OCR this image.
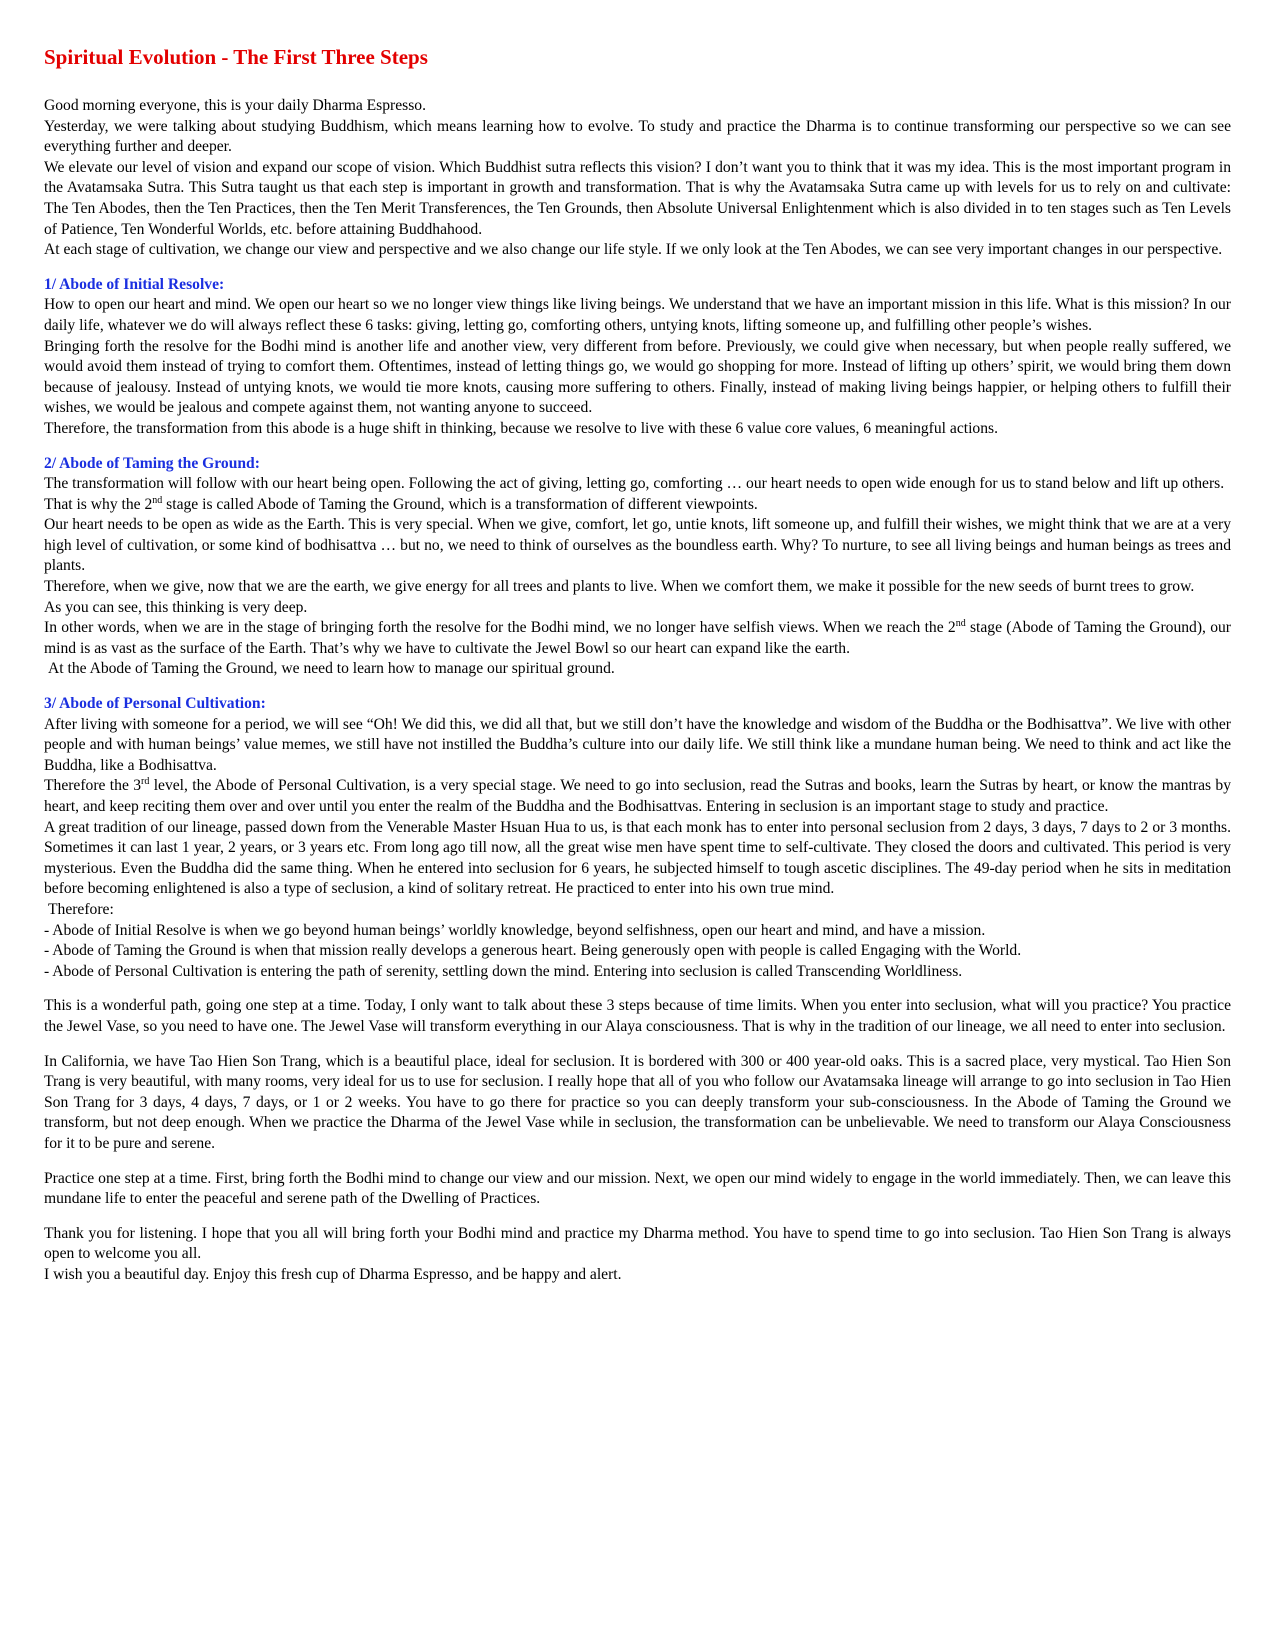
Spiritual Evolution - The First Three Steps

Good morning everyone, this is your daily Dharma Espresso.

Yesterday, we were talking about studying Buddhism, which means learning how to evolve. To study and practice the Dharma is to continue transforming our perspective so we can see everything further and deeper.

We elevate our level of vision and expand our scope of vision. Which Buddhist sutra reflects this vision? I don’t want you to think that it was my idea. This is the most important program in the Avatamsaka Sutra. This Sutra taught us that each step is important in growth and transformation. That is why the Avatamsaka Sutra came up with levels for us to rely on and cultivate: The Ten Abodes, then the Ten Practices, then the Ten Merit Transferences, the Ten Grounds, then Absolute Universal Enlightenment which is also divided in to ten stages such as Ten Levels of Patience, Ten Wonderful Worlds, etc. before attaining Buddhahood.

At each stage of cultivation, we change our view and perspective and we also change our life style. If we only look at the Ten Abodes, we can see very important changes in our perspective.

1/ Abode of Initial Resolve:

How to open our heart and mind. We open our heart so we no longer view things like living beings. We understand that we have an important mission in this life. What is this mission? In our daily life, whatever we do will always reflect these 6 tasks: giving, letting go, comforting others, untying knots, lifting someone up, and fulfilling other people’s wishes.

Bringing forth the resolve for the Bodhi mind is another life and another view, very different from before. Previously, we could give when necessary, but when people really suffered, we would avoid them instead of trying to comfort them. Oftentimes, instead of letting things go, we would go shopping for more. Instead of lifting up others’ spirit, we would bring them down because of jealousy. Instead of untying knots, we would tie more knots, causing more suffering to others. Finally, instead of making living beings happier, or helping others to fulfill their wishes, we would be jealous and compete against them, not wanting anyone to succeed.

Therefore, the transformation from this abode is a huge shift in thinking, because we resolve to live with these 6 value core values, 6 meaningful actions.

2/ Abode of Taming the Ground:

The transformation will follow with our heart being open. Following the act of giving, letting go, comforting … our heart needs to open wide enough for us to stand below and lift up others.

That is why the 2nd stage is called Abode of Taming the Ground, which is a transformation of different viewpoints.

Our heart needs to be open as wide as the Earth. This is very special. When we give, comfort, let go, untie knots, lift someone up, and fulfill their wishes, we might think that we are at a very high level of cultivation, or some kind of bodhisattva … but no, we need to think of ourselves as the boundless earth. Why? To nurture, to see all living beings and human beings as trees and plants.

Therefore, when we give, now that we are the earth, we give energy for all trees and plants to live. When we comfort them, we make it possible for the new seeds of burnt trees to grow.

As you can see, this thinking is very deep.

In other words, when we are in the stage of bringing forth the resolve for the Bodhi mind, we no longer have selfish views. When we reach the 2nd stage (Abode of Taming the Ground), our mind is as vast as the surface of the Earth. That’s why we have to cultivate the Jewel Bowl so our heart can expand like the earth.

At the Abode of Taming the Ground, we need to learn how to manage our spiritual ground.

3/ Abode of Personal Cultivation:

After living with someone for a period, we will see “Oh! We did this, we did all that, but we still don’t have the knowledge and wisdom of the Buddha or the Bodhisattva”. We live with other people and with human beings’ value memes, we still have not instilled the Buddha’s culture into our daily life. We still think like a mundane human being. We need to think and act like the Buddha, like a Bodhisattva.

Therefore the 3rd level, the Abode of Personal Cultivation, is a very special stage. We need to go into seclusion, read the Sutras and books, learn the Sutras by heart, or know the mantras by heart, and keep reciting them over and over until you enter the realm of the Buddha and the Bodhisattvas. Entering in seclusion is an important stage to study and practice.

A great tradition of our lineage, passed down from the Venerable Master Hsuan Hua to us, is that each monk has to enter into personal seclusion from 2 days, 3 days, 7 days to 2 or 3 months. Sometimes it can last 1 year, 2 years, or 3 years etc. From long ago till now, all the great wise men have spent time to self-cultivate. They closed the doors and cultivated. This period is very mysterious. Even the Buddha did the same thing. When he entered into seclusion for 6 years, he subjected himself to tough ascetic disciplines. The 49-day period when he sits in meditation before becoming enlightened is also a type of seclusion, a kind of solitary retreat. He practiced to enter into his own true mind.

Therefore:

- Abode of Initial Resolve is when we go beyond human beings’ worldly knowledge, beyond selfishness, open our heart and mind, and have a mission.

- Abode of Taming the Ground is when that mission really develops a generous heart. Being generously open with people is called Engaging with the World.

- Abode of Personal Cultivation is entering the path of serenity, settling down the mind. Entering into seclusion is called Transcending Worldliness.

This is a wonderful path, going one step at a time. Today, I only want to talk about these 3 steps because of time limits. When you enter into seclusion, what will you practice? You practice the Jewel Vase, so you need to have one. The Jewel Vase will transform everything in our Alaya consciousness. That is why in the tradition of our lineage, we all need to enter into seclusion.

In California, we have Tao Hien Son Trang, which is a beautiful place, ideal for seclusion. It is bordered with 300 or 400 year-old oaks. This is a sacred place, very mystical. Tao Hien Son Trang is very beautiful, with many rooms, very ideal for us to use for seclusion. I really hope that all of you who follow our Avatamsaka lineage will arrange to go into seclusion in Tao Hien Son Trang for 3 days, 4 days, 7 days, or 1 or 2 weeks. You have to go there for practice so you can deeply transform your sub-consciousness. In the Abode of Taming the Ground we transform, but not deep enough. When we practice the Dharma of the Jewel Vase while in seclusion, the transformation can be unbelievable. We need to transform our Alaya Consciousness for it to be pure and serene.

Practice one step at a time. First, bring forth the Bodhi mind to change our view and our mission. Next, we open our mind widely to engage in the world immediately. Then, we can leave this mundane life to enter the peaceful and serene path of the Dwelling of Practices.

Thank you for listening. I hope that you all will bring forth your Bodhi mind and practice my Dharma method. You have to spend time to go into seclusion. Tao Hien Son Trang is always open to welcome you all.

I wish you a beautiful day. Enjoy this fresh cup of Dharma Espresso, and be happy and alert.
